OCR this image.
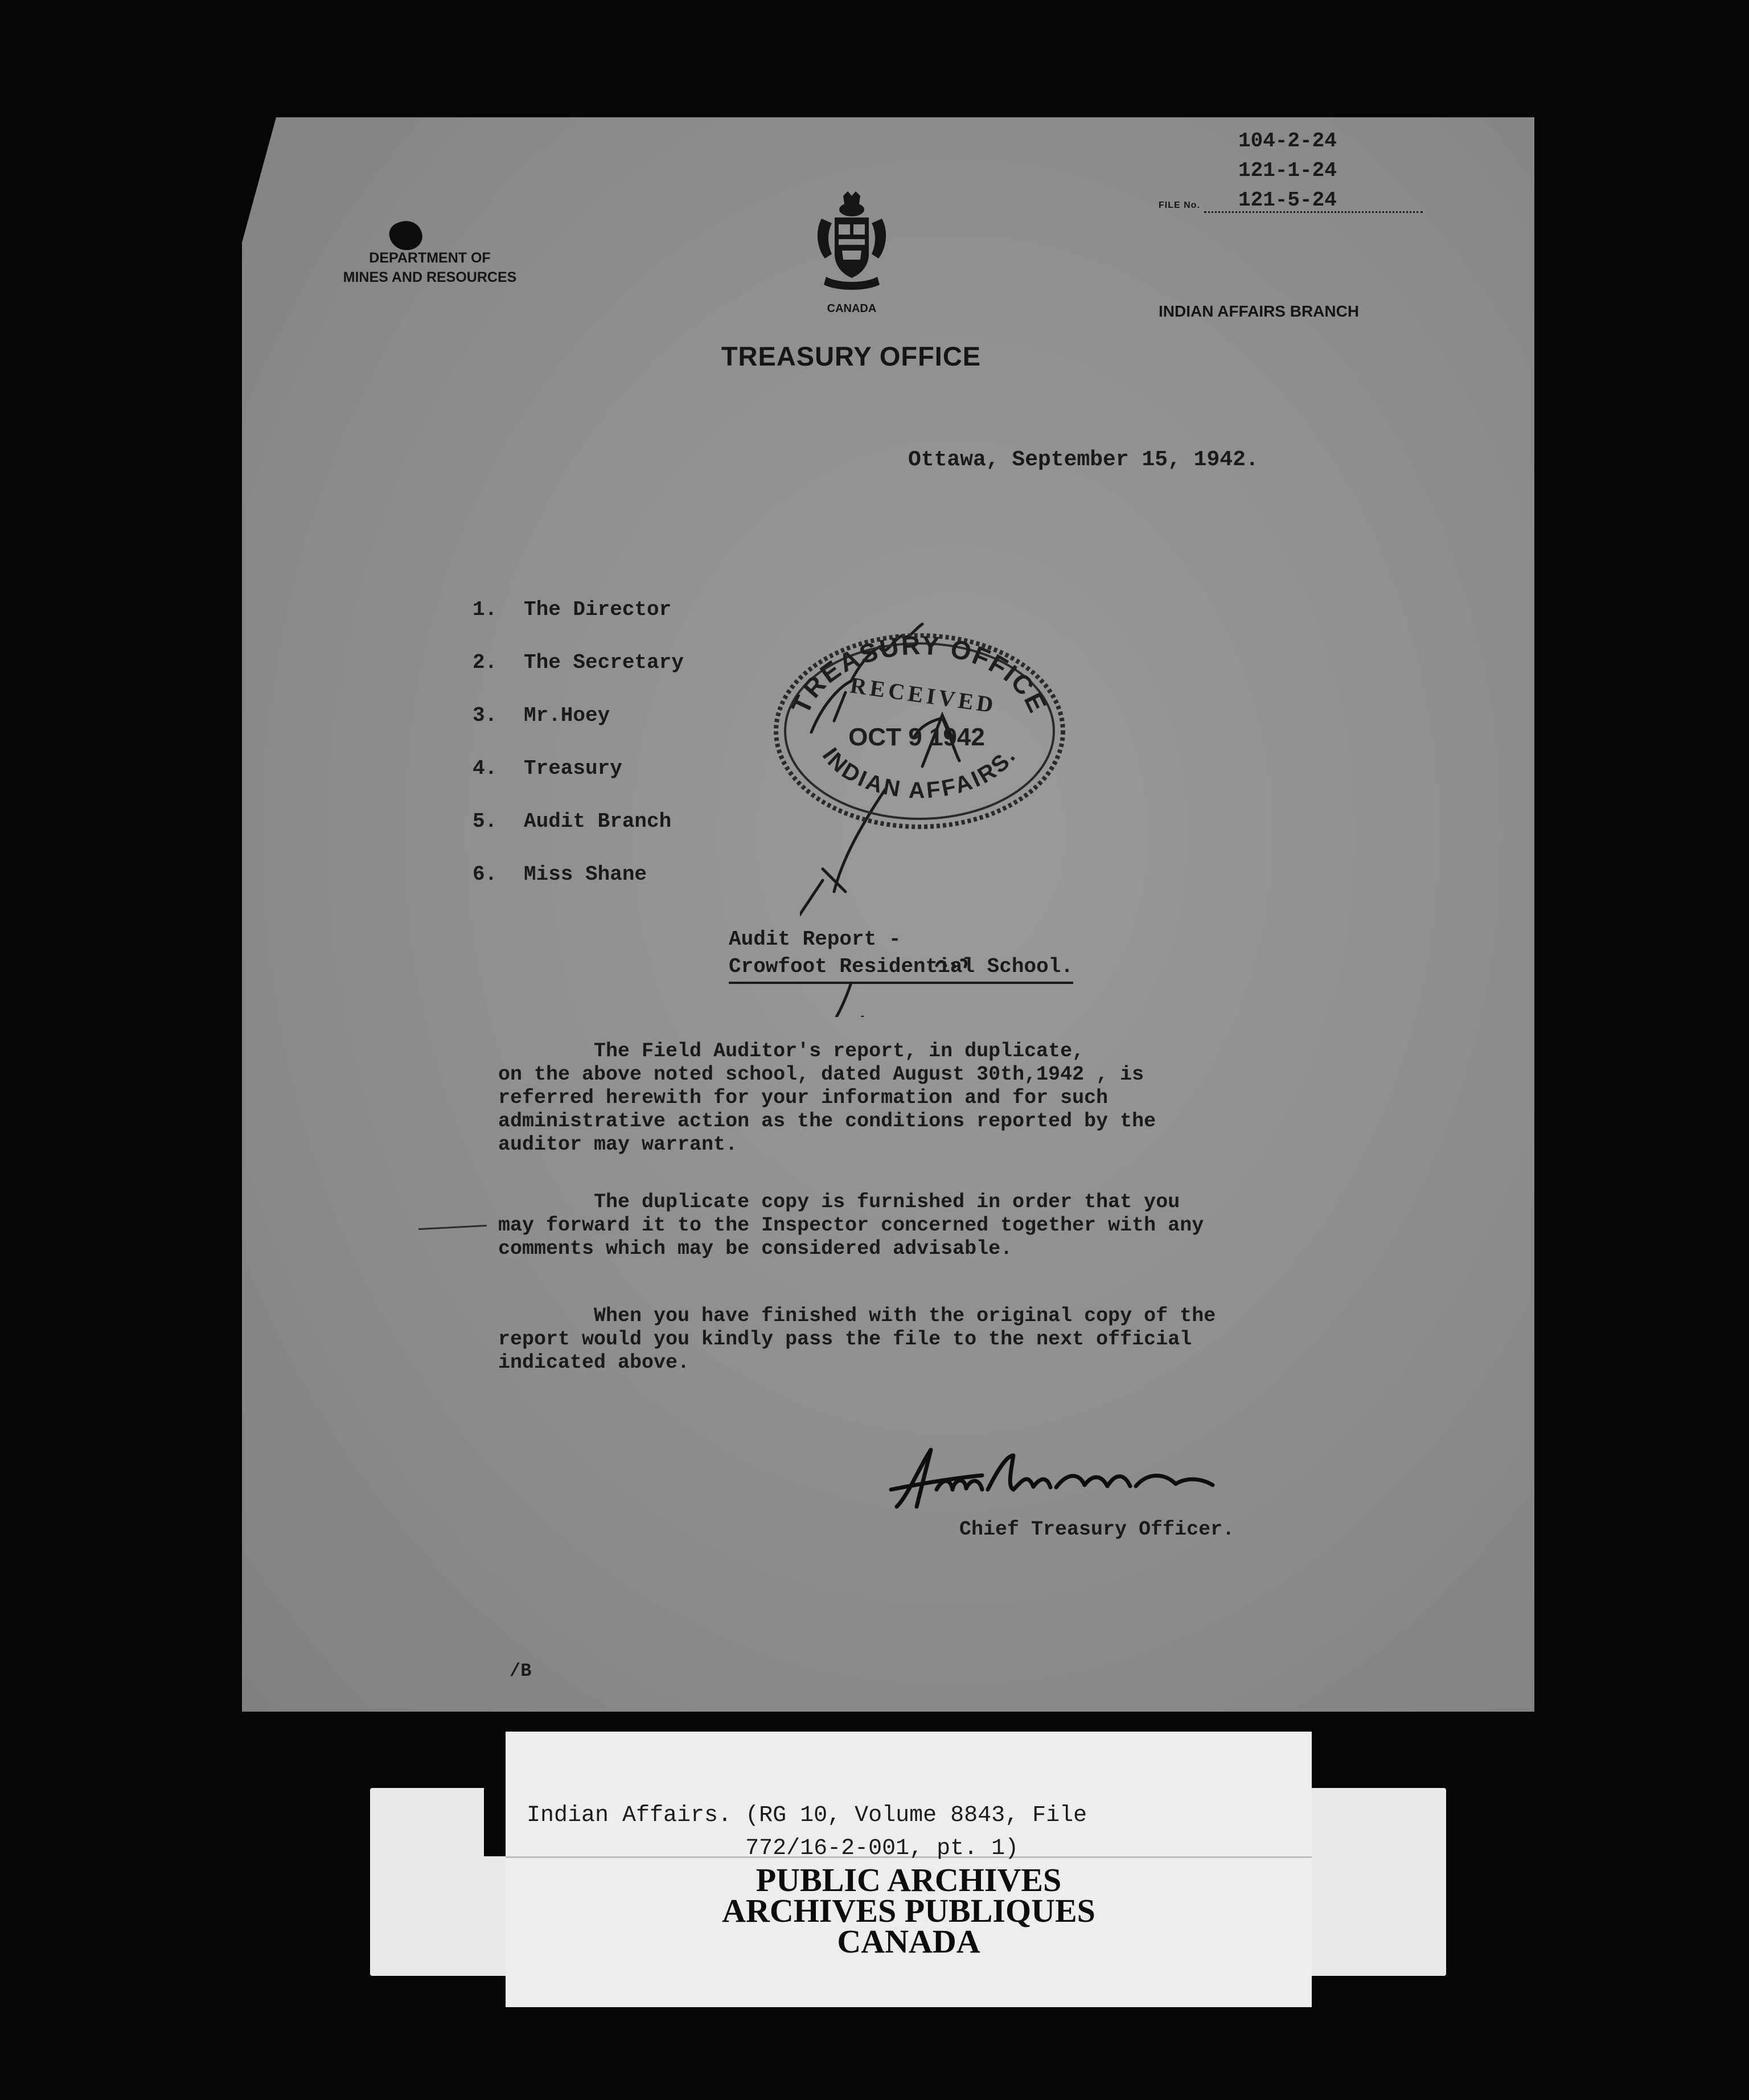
104-2-24
121-1-24
121-5-24
FILE No.
DEPARTMENT OF
MINES AND RESOURCES
CANADA	INDIAN AFFAIRS BRANCH
TREASURY OFFICE
Ottawa, September 15, 1942.
1. The Director
2. The Secretary
3. Mr.Hoey
4. Treasury
5. Audit Branch
6. Miss Shane
TREASURY OFFICE
RECEIVED
OCT 9 1942
INDIAN AFFAIRS.
Audit Report -
Crowfoot Residential School.
The Field Auditor's report, in duplicate,
on the above noted school, dated August 30th,1942 , is
referred herewith for your information and for such
administrative action as the conditions reported by the
auditor may warrant.
The duplicate copy is furnished in order that you
may forward it to the Inspector concerned together with any
comments which may be considered advisable.
When you have finished with the original copy of the
report would you kindly pass the file to the next official
indicated above.
Chief Treasury Officer.
/B
Indian Affairs. (RG 10, Volume 8843, File
772/16-2-001, pt. 1)
PUBLIC ARCHIVES
ARCHIVES PUBLIQUES
CANADA
